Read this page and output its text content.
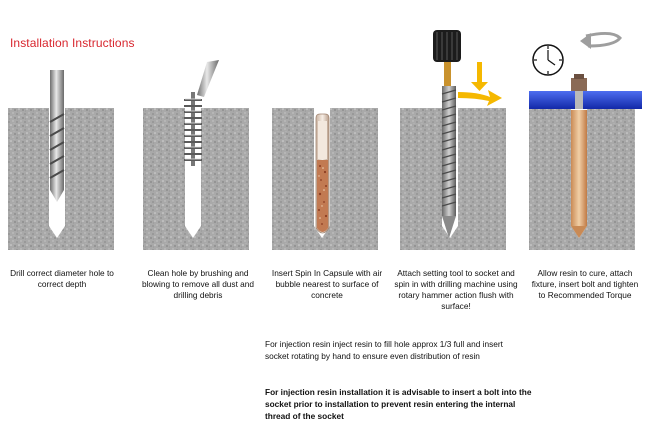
Installation Instructions
Drill correct diameter hole to correct depth
Clean hole by brushing and blowing to remove all dust and drilling debris
Insert Spin In Capsule with air bubble nearest to surface of concrete
Attach setting tool to socket and spin in with drilling machine using rotary hammer action flush with surface!
Allow resin to cure, attach fixture, insert bolt and tighten to Recommended Torque
For injection resin inject resin to fill hole approx 1/3 full and insert socket rotating by hand to ensure even distribution of resin
For injection resin installation it is advisable to insert a bolt into the socket prior to installation to prevent resin entering the internal thread of the socket
